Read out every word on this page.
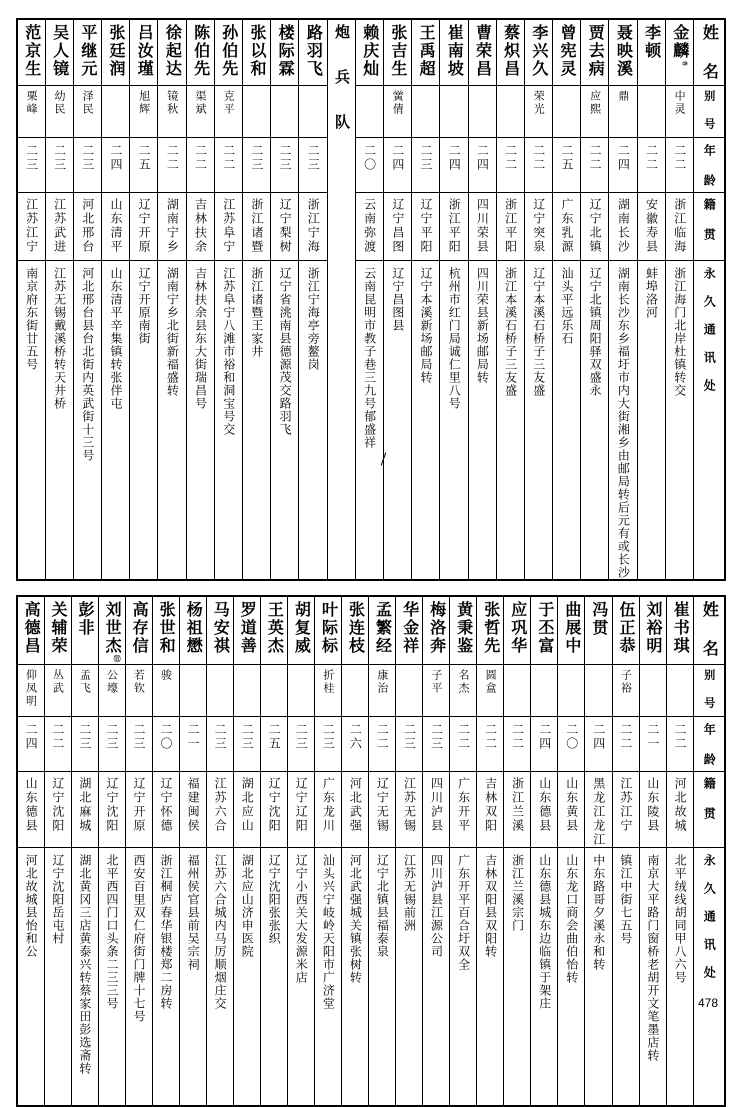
范京生	吴人镜	平继元	张廷润	吕汝瑾	徐起达	陈伯先	孙伯先	张以和	楼际霖	路羽飞	炮 兵 队	赖庆灿	张吉生	王禹超	崔南坡	曹荣昌	蔡炽昌	李兴久	曾宪灵	贾去病	聂映溪	李顿	金麟⑩	姓 名

栗峰	幼民	泽民		旭辉	镜秋	渠斌	克平						黉倩					荣光		应熙	鼎		中灵	别 号

二三	二三	二三	二四	二五	二二	二二	二二	二三	二三	二三		二〇	二四	二三	二四	二四	二二	二二	二五	二二	二四	二二	二二	年 龄

江苏江宁	江苏武进	河北邢台	山东清平	辽宁开原	湖南宁乡	吉林扶余	江苏阜宁	浙江诸暨	辽宁梨树	浙江宁海		云南弥渡	辽宁昌图	辽宁平阳	浙江平阳	四川荣县	浙江平阳	辽宁突泉	广东乳源	辽宁北镇	湖南长沙	安徽寿县	浙江临海	籍 贯

南京府东街廿五号	江苏无锡戴溪桥转天井桥	河北邢台县台北街内英武街十三号	山东清平辛集镇转张伴屯	辽宁开原南街	湖南宁乡北街新福盛转	吉林扶余县东大街瑞昌号	江苏阜宁八滩市裕和洞宝号交	浙江诸暨王家井	辽宁省洮南县德源茂交路羽飞	浙江宁海亭旁鳌岗		云南昆明市教子巷三九号郁盛祥	辽宁昌图县	辽宁本溪新场邮局转	杭州市红门局诚仁里八号	四川荣县新场邮局转	浙江本溪石桥子三友盛	辽宁本溪石桥子三友盛	汕头平远乐石	辽宁北镇周阳驿双盛永	湖南长沙东乡福圩市内大街湘乡由邮局转后元有或长沙	蚌埠洛河	浙江海门北岸杜镇转交	永 久 通 讯 处
高德昌	关辅荣	彭非	刘世杰⑪	高存信	张世和	杨祖懋	马安祺	罗道善	王英杰	胡复威	叶际标	张连枝	孟繁经	华金祥	梅洛奔	黄秉鉴	张哲先	应巩华	于丕富	曲展中	冯贯	伍正恭	刘裕明	崔书琪	姓 名

仰凤明	丛武	孟飞	公壕	若钦	骏						折桂		康治		子平	名杰	圆盒					子裕			别 号

二四	二二	二三	二三	二三	二〇	二一	二三	二三	二五	二三	二三	二六	二二	二三	二三	二二	二二	二二	二四	二〇	二四	二二	二一	二二	年 龄

山东德县	辽宁沈阳	湖北麻城	辽宁沈阳	辽宁开原	辽宁怀德	福建闽侯	江苏六合	湖北应山	辽宁沈阳	辽宁辽阳	广东龙川	河北武强	辽宁无锡	江苏无锡	四川泸县	广东开平	吉林双阳	浙江兰溪	山东德县	山东黄县	黑龙江龙江	江苏江宁	山东陵县	河北故城	籍 贯

河北故城县怡和公	辽宁沈阳岳屯村	湖北黄冈三店黄泰兴转蔡家田彭选斋转	北平西四门口头条二三三号	西安百里双仁府街门牌十七号	浙江桐庐春华银楼郑二房转	福州侯官县前吴宗祠	江苏六合城内马厉顺烟庄交	湖北应山济申医院	辽宁沈阳张张织	辽宁小西关大发源米店	汕头兴宁岐岭天阳市广济堂	河北武强城关镇张树转	辽宁北镇县福泰泉	江苏无锡前洲	四川泸县江源公司	广东开平百合圩双全	吉林双阳县双阳转	浙江兰溪宗门	山东德县城东边临镇于架庄	山东龙口商会曲伯怡转	中东路哥夕溪永和转	镇江中街七五号	南京大平路门窗桥老胡开文笔墨店转	北平绒线胡同甲八六号	永 久 通 讯 处
478
